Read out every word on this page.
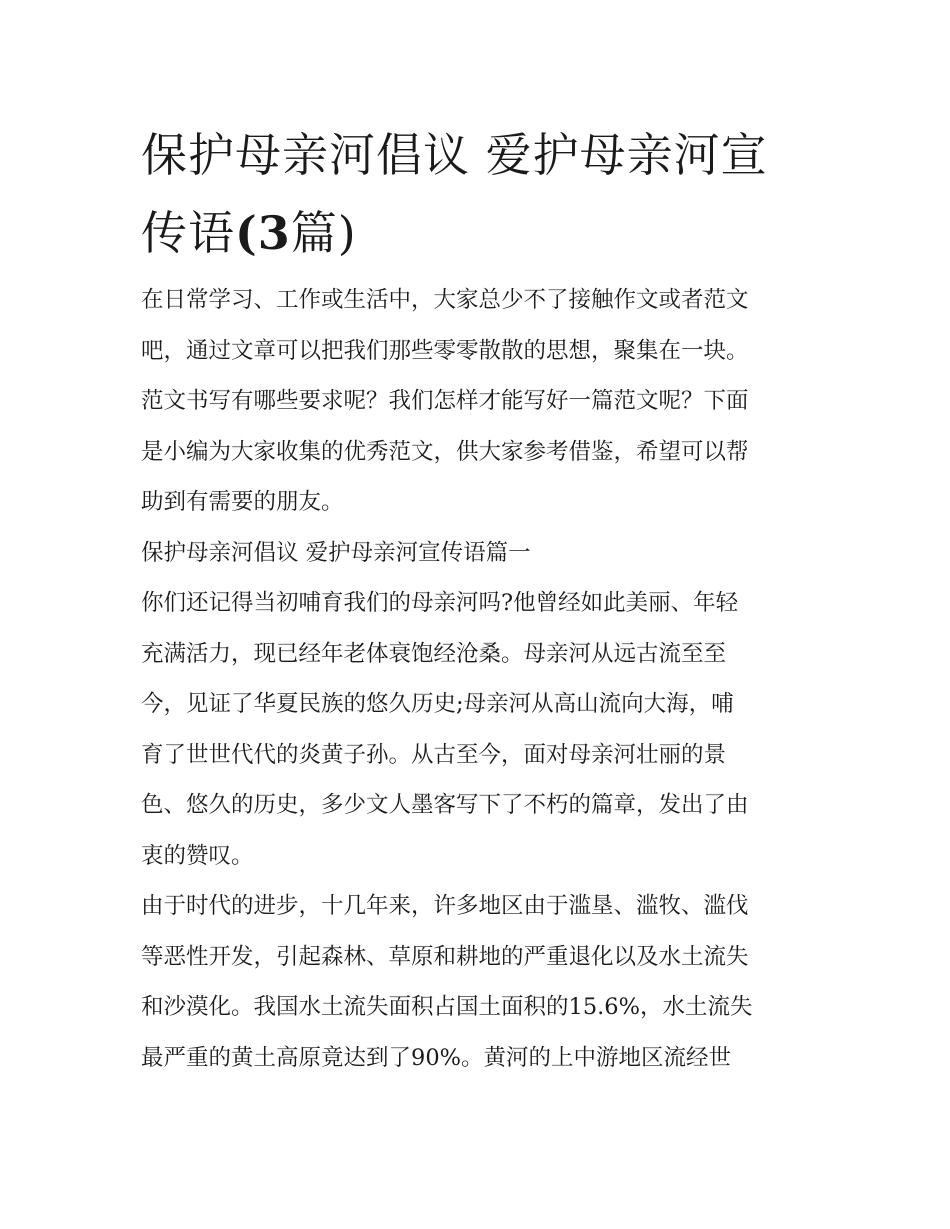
保护母亲河倡议 爱护母亲河宣
传语(3篇)

在日常学习、工作或生活中，大家总少不了接触作文或者范文
吧，通过文章可以把我们那些零零散散的思想，聚集在一块。
范文书写有哪些要求呢？我们怎样才能写好一篇范文呢？下面
是小编为大家收集的优秀范文，供大家参考借鉴，希望可以帮
助到有需要的朋友。

保护母亲河倡议 爱护母亲河宣传语篇一

你们还记得当初哺育我们的母亲河吗?他曾经如此美丽、年轻
充满活力，现已经年老体衰饱经沧桑。母亲河从远古流至至
今，见证了华夏民族的悠久历史;母亲河从高山流向大海，哺
育了世世代代的炎黄子孙。从古至今，面对母亲河壮丽的景
色、悠久的历史，多少文人墨客写下了不朽的篇章，发出了由
衷的赞叹。

由于时代的进步，十几年来，许多地区由于滥垦、滥牧、滥伐
等恶性开发，引起森林、草原和耕地的严重退化以及水土流失
和沙漠化。我国水土流失面积占国土面积的15.6%，水土流失
最严重的黄土高原竟达到了90%。黄河的上中游地区流经世
